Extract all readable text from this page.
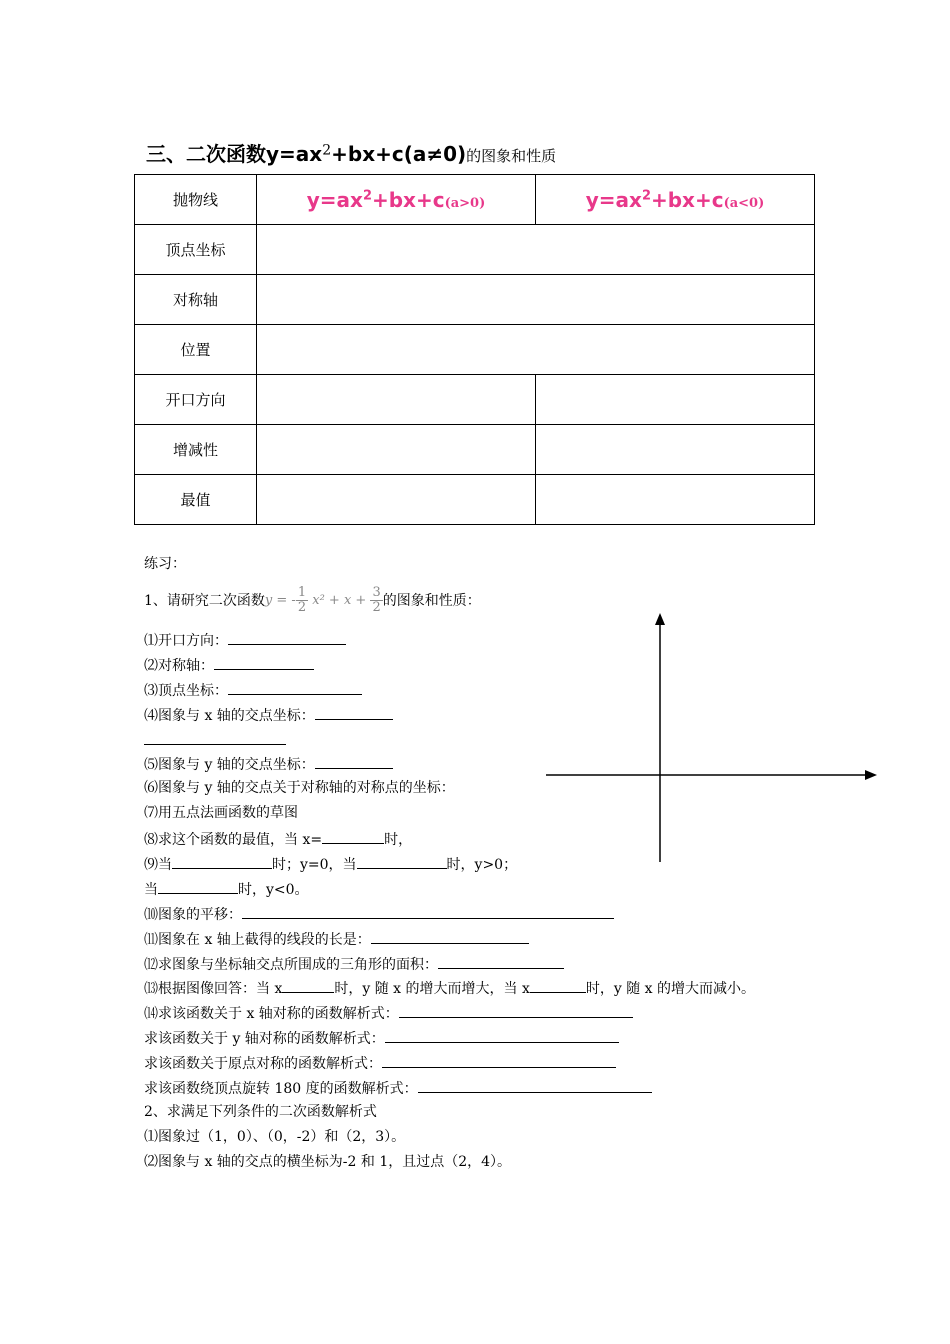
三、二次函数$y=ax^2+bx+c(a\ne 0)$的图象和性质
抛物线	$y=ax^2+bx+c(a>0)$	$y=ax^2+bx+c(a<0)$
顶点坐标		
对称轴		
位置		
开口方向		
增减性		
最值		
练习：
1、请研究二次函数y = - $\frac{1}{2} x^2 + x + \frac{3}{2}$ 的图象和性质：
⑴开口方向：
⑵对称轴：
⑶顶点坐标：
⑷图象与 x 轴的交点坐标：
⑸图象与 y 轴的交点坐标：
⑹图象与 y 轴的交点关于对称轴的对称点的坐标：
⑺用五点法画函数的草图
⑻求这个函数的最值，当 x=	时，
⑼当	时；y=0，当	时，y>0；
当	时，y<0。
⑽图象的平移：
⑾图象在 x 轴上截得的线段的长是：
⑿求图象与坐标轴交点所围成的三角形的面积：
⒀根据图像回答：当 x	时，y 随 x 的增大而增大，当 x	时，y 随 x 的增大而减小。
⒁求该函数关于 x 轴对称的函数解析式：
求该函数关于 y 轴对称的函数解析式：
求该函数关于原点对称的函数解析式：
求该函数绕顶点旋转 180 度的函数解析式：
2、求满足下列条件的二次函数解析式
⑴图象过（1，0）、（0，-2）和（2，3）。
⑵图象与 x 轴的交点的横坐标为-2 和 1，且过点（2，4）。
